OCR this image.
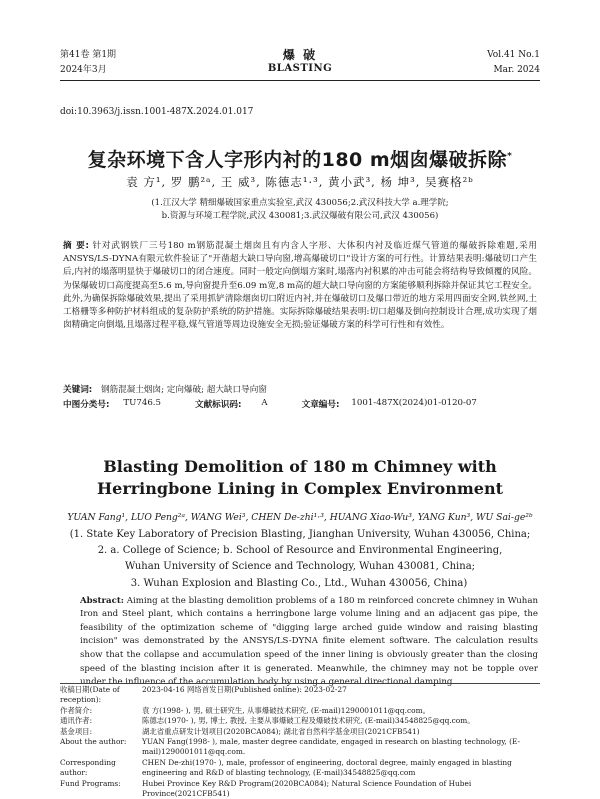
第41卷 第1期
2024年3月
爆 破
BLASTING
Vol.41 No.1
Mar. 2024
doi:10.3963/j.issn.1001-487X.2024.01.017
复杂环境下含人字形内衬的180 m烟囱爆破拆除*
袁 方¹, 罗 鹏²ᵃ, 王 威³, 陈德志¹·³, 黄小武³, 杨 坤³, 吴赛格²ᵇ
(1.江汉大学 精细爆破国家重点实验室,武汉 430056;2.武汉科技大学 a.理学院;
b.资源与环境工程学院,武汉 430081;3.武汉爆破有限公司,武汉 430056)
摘 要: 针对武钢铁厂三号180 m钢筋混凝土烟囱且有内含人字形、大体积内衬及临近煤气管道的爆破拆除难题,采用ANSYS/LS-DYNA有限元软件验证了"开凿超大缺口导向窗,增高爆破切口"设计方案的可行性。计算结果表明:爆破切口产生后,内衬的塌落明显快于爆破切口的闭合速度。同时一般定向倒塌方案时,塌落内衬积累的冲击可能会将结构导致倾覆的风险。为保爆破切口高度提高至5.6 m,导向窗提升至6.09 m宽,8 m高的超大缺口导向窗的方案能够顺利拆除并保证其它工程安全。此外,为确保拆除爆破效果,提出了采用抓铲清除烟囱切口附近内衬,并在爆破切口及爆口带近的地方采用四面安全网,铁丝网,土工格栅等多种防护材料组成的复杂防护系统的防护措施。实际拆除爆破结果表明:切口超爆及倒向控制设计合理,成功实现了烟囱精确定向倒塌,且塌落过程平稳,煤气管道等周边设施安全无损;验证爆破方案的科学可行性和有效性。
关键词: 钢筋混凝土烟囱; 定向爆破; 超大缺口导向窗
中图分类号: TU746.5	文献标识码: A	文章编号: 1001-487X(2024)01-0120-07
Blasting Demolition of 180 m Chimney with
Herringbone Lining in Complex Environment
YUAN Fang¹, LUO Peng²ᵃ, WANG Wei³, CHEN De-zhi¹·³, HUANG Xiao-Wu³, YANG Kun³, WU Sai-ge²ᵇ
(1. State Key Laboratory of Precision Blasting, Jianghan University, Wuhan 430056, China;
2. a. College of Science; b. School of Resource and Environmental Engineering,
Wuhan University of Science and Technology, Wuhan 430081, China;
3. Wuhan Explosion and Blasting Co., Ltd., Wuhan 430056, China)
Abstract: Aiming at the blasting demolition problems of a 180 m reinforced concrete chimney in Wuhan Iron and Steel plant, which contains a herringbone large volume lining and an adjacent gas pipe, the feasibility of the optimization scheme of "digging large arched guide window and raising blasting incision" was demonstrated by the ANSYS/LS-DYNA finite element software. The calculation results show that the collapse and accumulation speed of the inner lining is obviously greater than the closing speed of the blasting incision after it is generated. Meanwhile, the chimney may not be topple over under the influence of the accumulation body by using a general directional damping
收稿日期(Date of reception):
2023-04-16 网络首发日期(Published online): 2023-02-27
作者简介:	袁 方(1998- ), 男, 硕士研究生, 从事爆破技术研究, (E-mail)1290001011@qq.com。
通讯作者:	陈德志(1970- ), 男, 博士, 教授, 主要从事爆破工程及爆破技术研究, (E-mail)34548825@qq.com。
基金项目:	湖北省重点研发计划项目(2020BCA084); 湖北省自然科学基金项目(2021CFB541)
About the author:	YUAN Fang(1998- ), male, master degree candidate, engaged in research on blasting technology, (E-mail)1290001011@qq.com.
Corresponding author:
CHEN De-zhi(1970- ), male, professor of engineering, doctoral degree, mainly engaged in blasting engineering and R&D of blasting technology, (E-mail)34548825@qq.com
Fund Programs:	Hubei Province Key R&D Program(2020BCA084); Natural Science Foundation of Hubei Province(2021CFB541)
